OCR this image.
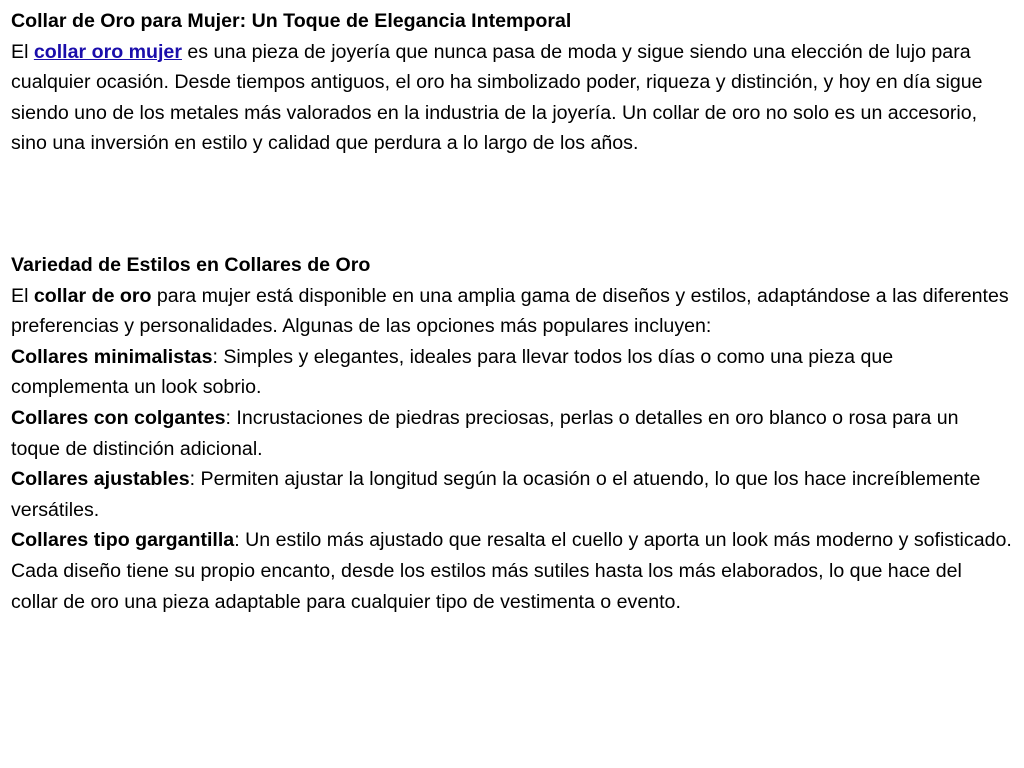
Collar de Oro para Mujer: Un Toque de Elegancia Intemporal

El collar oro mujer es una pieza de joyería que nunca pasa de moda y sigue siendo una elección de lujo para cualquier ocasión. Desde tiempos antiguos, el oro ha simbolizado poder, riqueza y distinción, y hoy en día sigue siendo uno de los metales más valorados en la industria de la joyería. Un collar de oro no solo es un accesorio, sino una inversión en estilo y calidad que perdura a lo largo de los años.

Variedad de Estilos en Collares de Oro

El collar de oro para mujer está disponible en una amplia gama de diseños y estilos, adaptándose a las diferentes preferencias y personalidades. Algunas de las opciones más populares incluyen:

Collares minimalistas: Simples y elegantes, ideales para llevar todos los días o como una pieza que complementa un look sobrio.

Collares con colgantes: Incrustaciones de piedras preciosas, perlas o detalles en oro blanco o rosa para un toque de distinción adicional.

Collares ajustables: Permiten ajustar la longitud según la ocasión o el atuendo, lo que los hace increíblemente versátiles.

Collares tipo gargantilla: Un estilo más ajustado que resalta el cuello y aporta un look más moderno y sofisticado.

Cada diseño tiene su propio encanto, desde los estilos más sutiles hasta los más elaborados, lo que hace del collar de oro una pieza adaptable para cualquier tipo de vestimenta o evento.
